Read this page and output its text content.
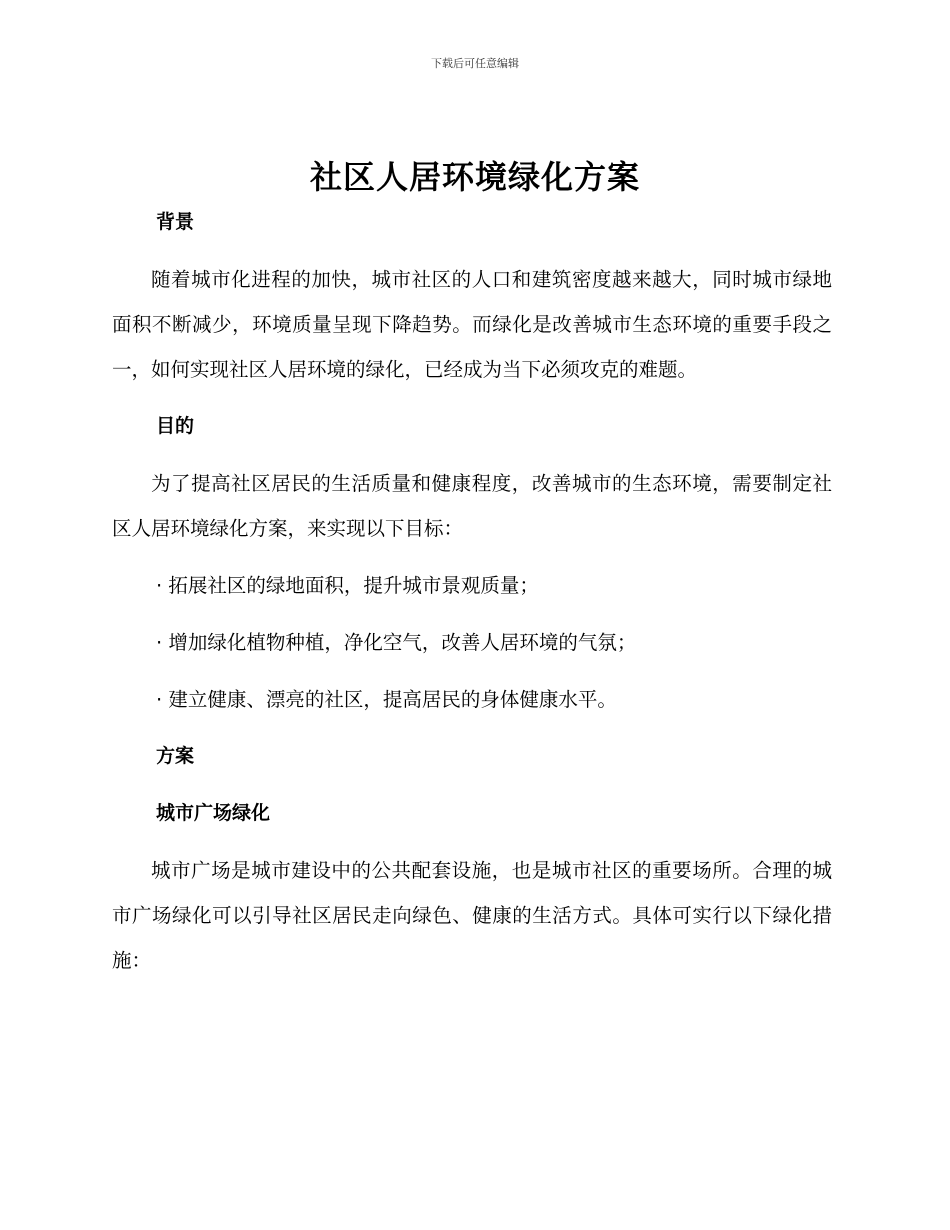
下载后可任意编辑
社区人居环境绿化方案
背景

随着城市化进程的加快，城市社区的人口和建筑密度越来越大，同时城市绿地面积不断减少，环境质量呈现下降趋势。而绿化是改善城市生态环境的重要手段之一，如何实现社区人居环境的绿化，已经成为当下必须攻克的难题。

目的

为了提高社区居民的生活质量和健康程度，改善城市的生态环境，需要制定社区人居环境绿化方案，来实现以下目标：

· 拓展社区的绿地面积，提升城市景观质量；
· 增加绿化植物种植，净化空气，改善人居环境的气氛；
· 建立健康、漂亮的社区，提高居民的身体健康水平。
方案
城市广场绿化

城市广场是城市建设中的公共配套设施，也是城市社区的重要场所。合理的城市广场绿化可以引导社区居民走向绿色、健康的生活方式。具体可实行以下绿化措施：
